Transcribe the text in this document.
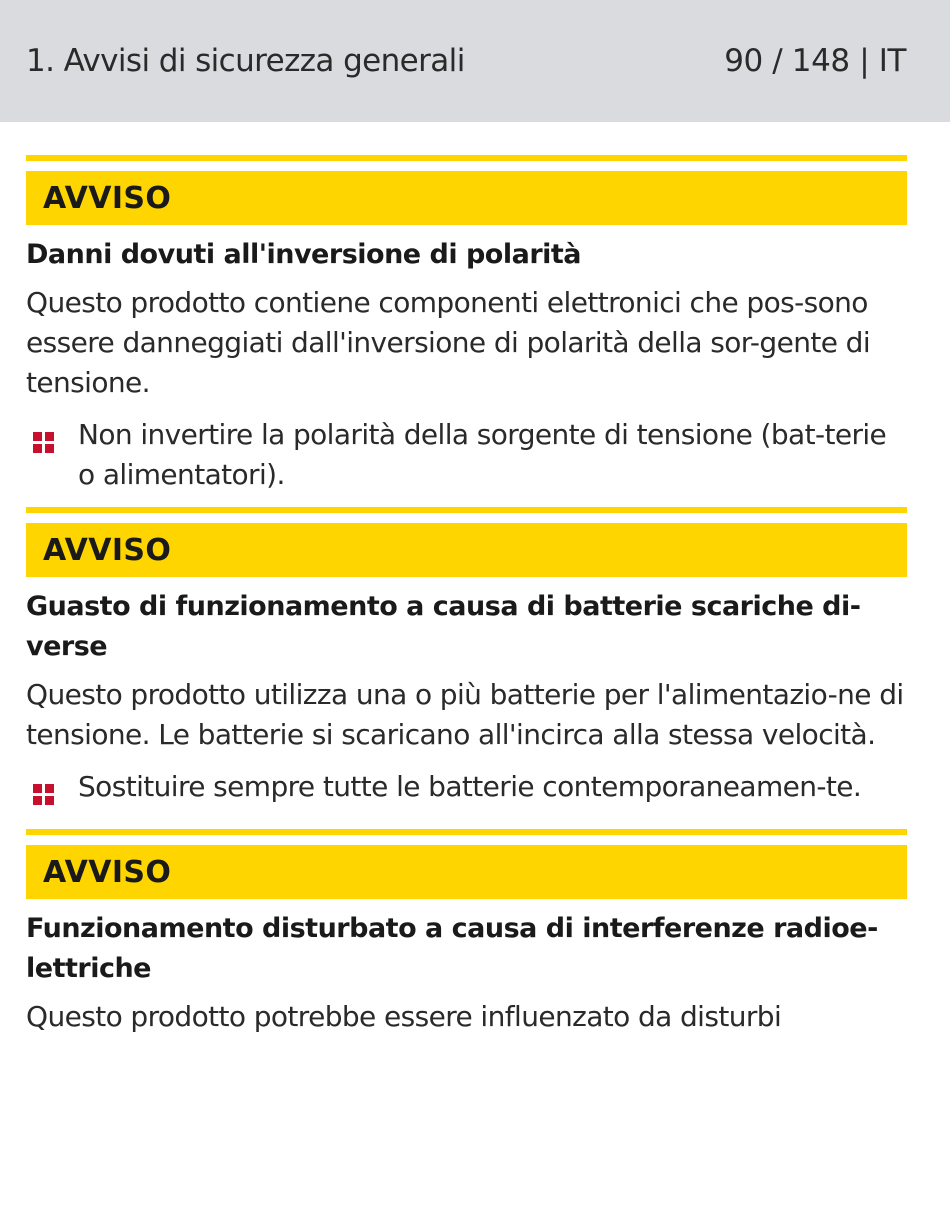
1. Avvisi di sicurezza generali	90 / 148 | IT
AVVISO
Danni dovuti all'inversione di polarità
Questo prodotto contiene componenti elettronici che pos-sono essere danneggiati dall'inversione di polarità della sor-gente di tensione.
Non invertire la polarità della sorgente di tensione (bat-terie o alimentatori).
AVVISO
Guasto di funzionamento a causa di batterie scariche di-verse
Questo prodotto utilizza una o più batterie per l'alimentazio-ne di tensione. Le batterie si scaricano all'incirca alla stessa velocità.
Sostituire sempre tutte le batterie contemporaneamen-te.
AVVISO
Funzionamento disturbato a causa di interferenze radioe-lettriche
Questo prodotto potrebbe essere influenzato da disturbi
